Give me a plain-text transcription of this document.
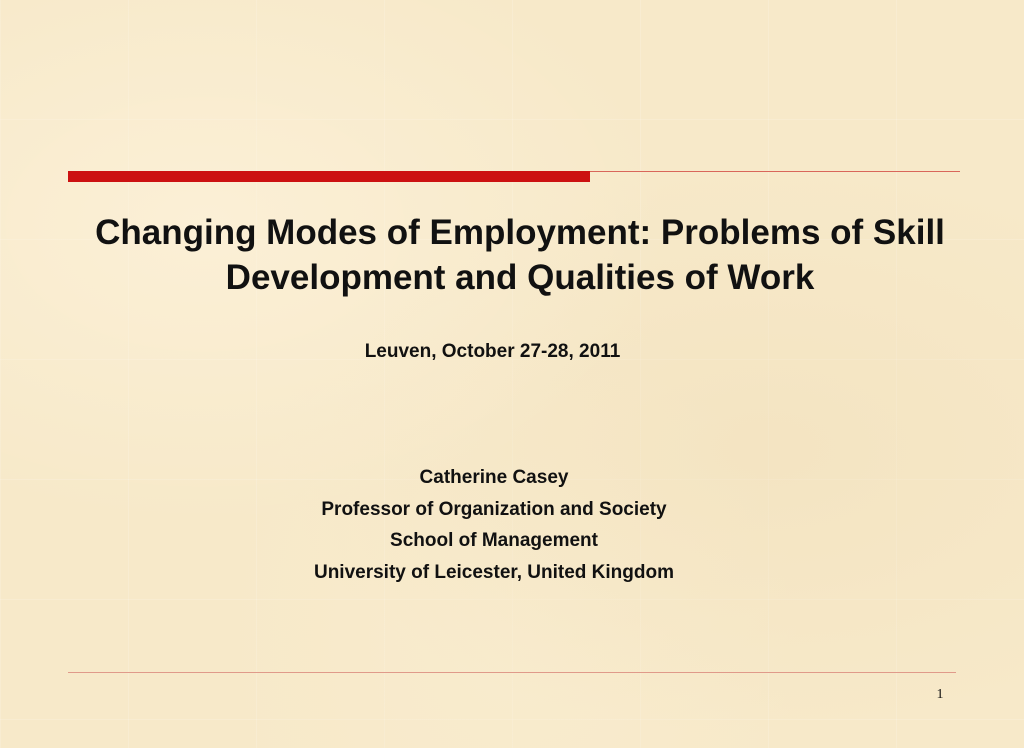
Changing Modes of Employment: Problems of Skill
Development and Qualities of Work

Leuven, October 27-28, 2011

Catherine Casey
Professor of Organization and Society
School of Management
University of Leicester, United Kingdom
1
